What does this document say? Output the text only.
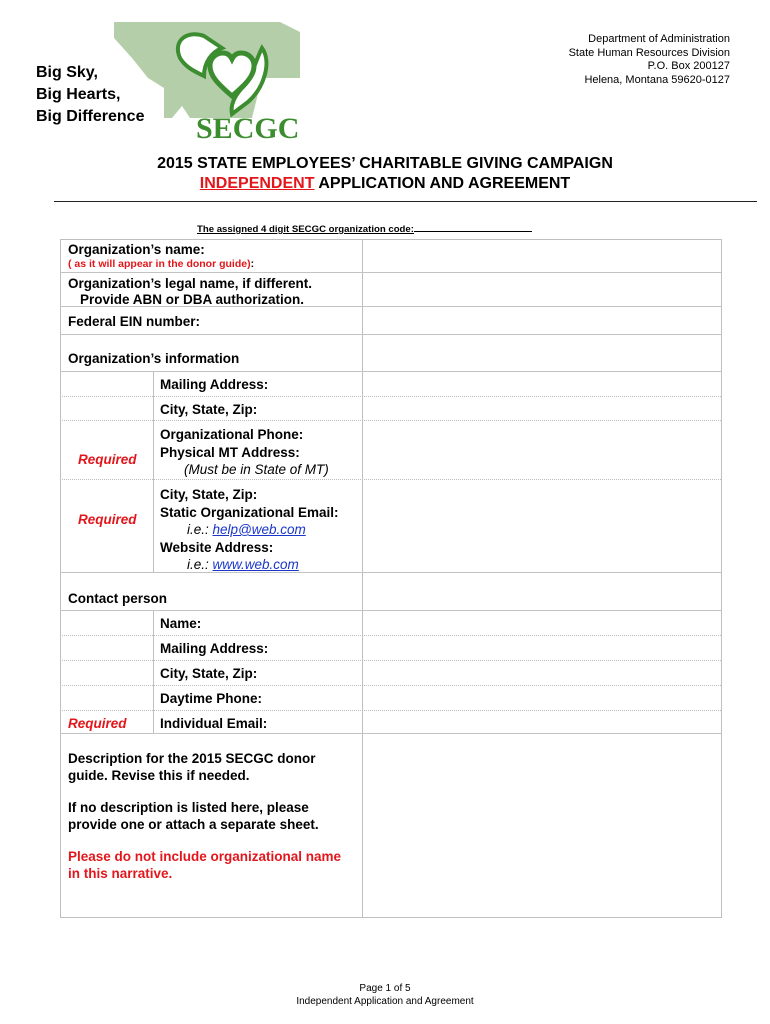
Big Sky,
Big Hearts,
Big Difference SECGC
Department of Administration
State Human Resources Division
P.O. Box 200127
Helena, Montana 59620-0127
2015 STATE EMPLOYEES’ CHARITABLE GIVING CAMPAIGN
INDEPENDENT APPLICATION AND AGREEMENT
The assigned 4 digit SECGC organization code:
Organization’s name:
( as it will appear in the donor guide):
Organization’s legal name, if different.
Provide ABN or DBA authorization.
Federal EIN number:
Organization’s information
Mailing Address:
City, State, Zip:
Organizational Phone:
Physical MT Address:
(Must be in State of MT)
Required
City, State, Zip:
Static Organizational Email:
i.e.: help@web.com
Website Address:
i.e.: www.web.com
Required
Contact person
Name:
Mailing Address:
City, State, Zip:
Daytime Phone:
Individual Email:
Required
Description for the 2015 SECGC donor
guide. Revise this if needed.
If no description is listed here, please
provide one or attach a separate sheet.
Please do not include organizational name
in this narrative.
Page 1 of 5
Independent Application and Agreement
